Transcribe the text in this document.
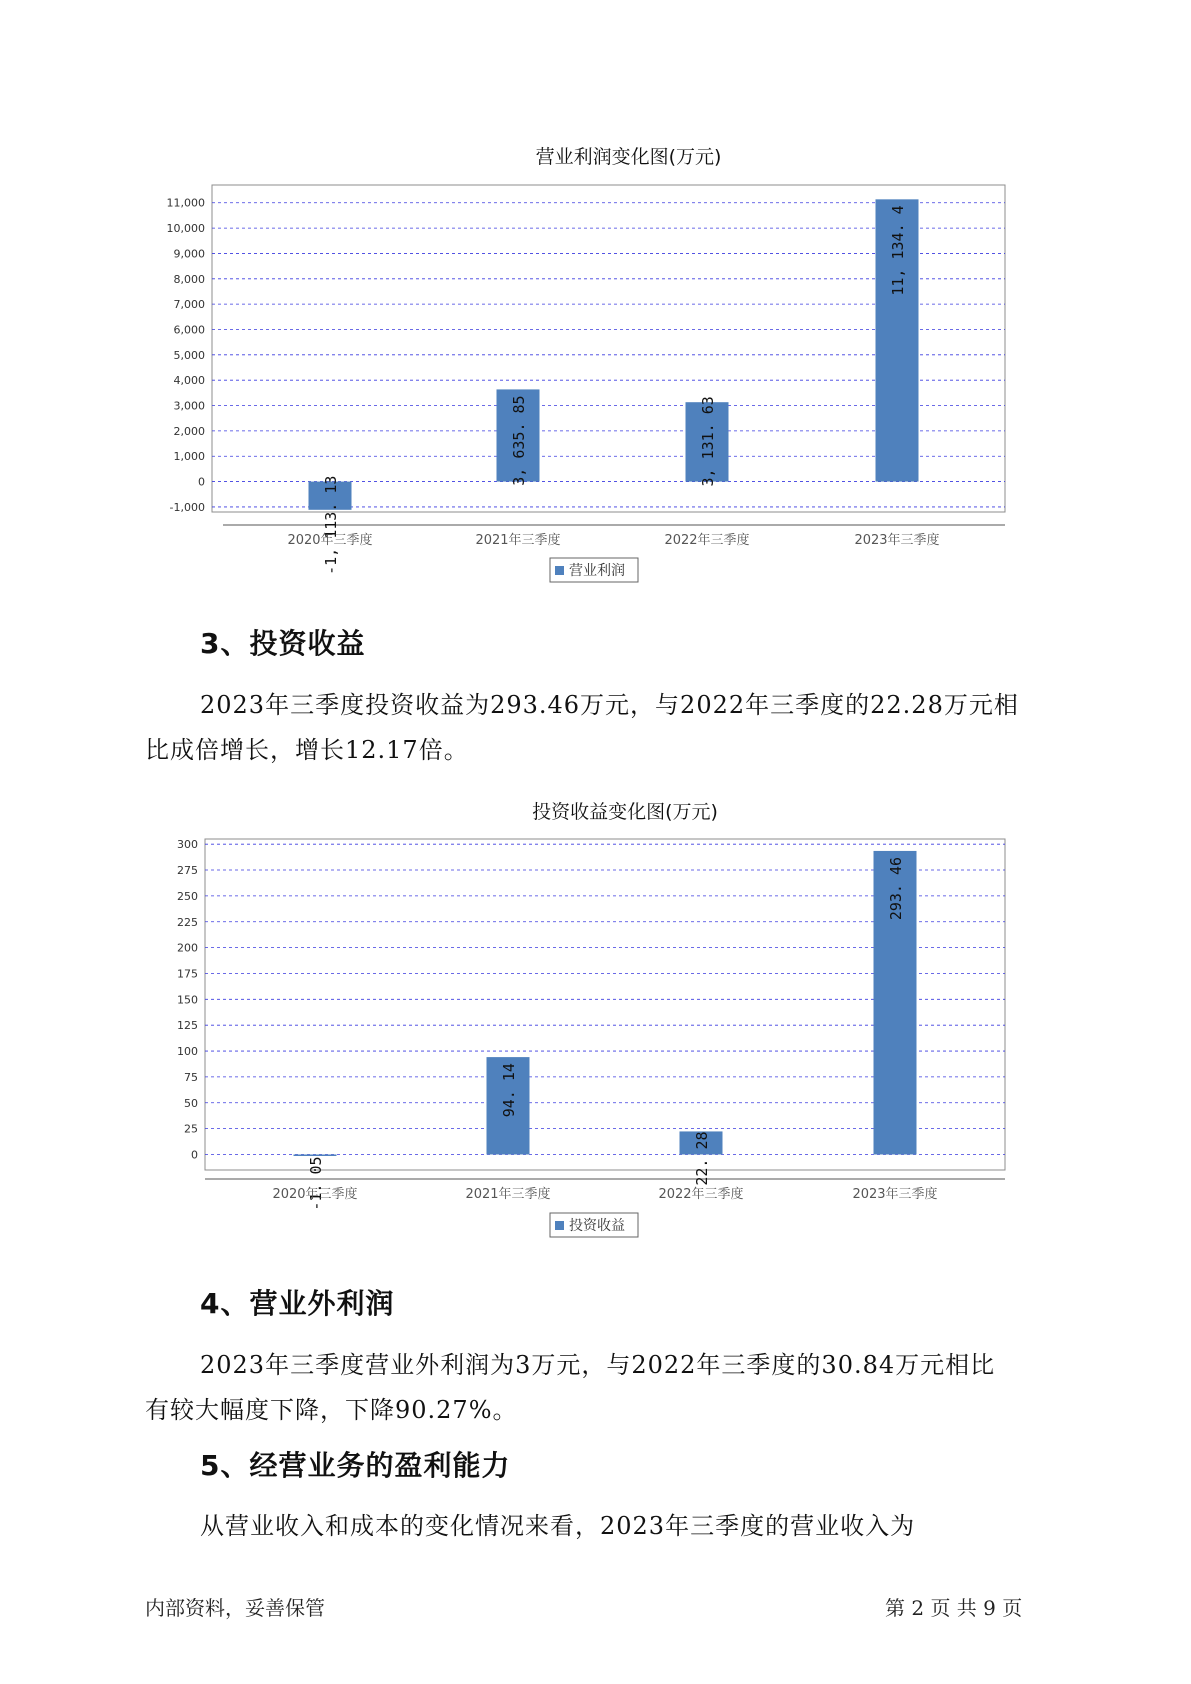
营业利润变化图(万元)
-1,000
0
1,000
2,000
3,000
4,000
5,000
6,000
7,000
8,000
9,000
10,000
11,000
-1, 113. 13
2020年三季度
3, 635. 85
2021年三季度
3, 131. 63
2022年三季度
11, 134. 4
2023年三季度
营业利润
3、投资收益

2023年三季度投资收益为293.46万元，与2022年三季度的22.28万元相
比成倍增长，增长12.17倍。

投资收益变化图(万元)
0
25
50
75
100
125
150
175
200
225
250
275
300
-1. 05
2020年三季度
94. 14
2021年三季度
22. 28
2022年三季度
293. 46
2023年三季度
投资收益
4、营业外利润

2023年三季度营业外利润为3万元，与2022年三季度的30.84万元相比
有较大幅度下降，下降90.27%。

5、经营业务的盈利能力

从营业收入和成本的变化情况来看，2023年三季度的营业收入为

内部资料，妥善保管	第 2 页 共 9 页
